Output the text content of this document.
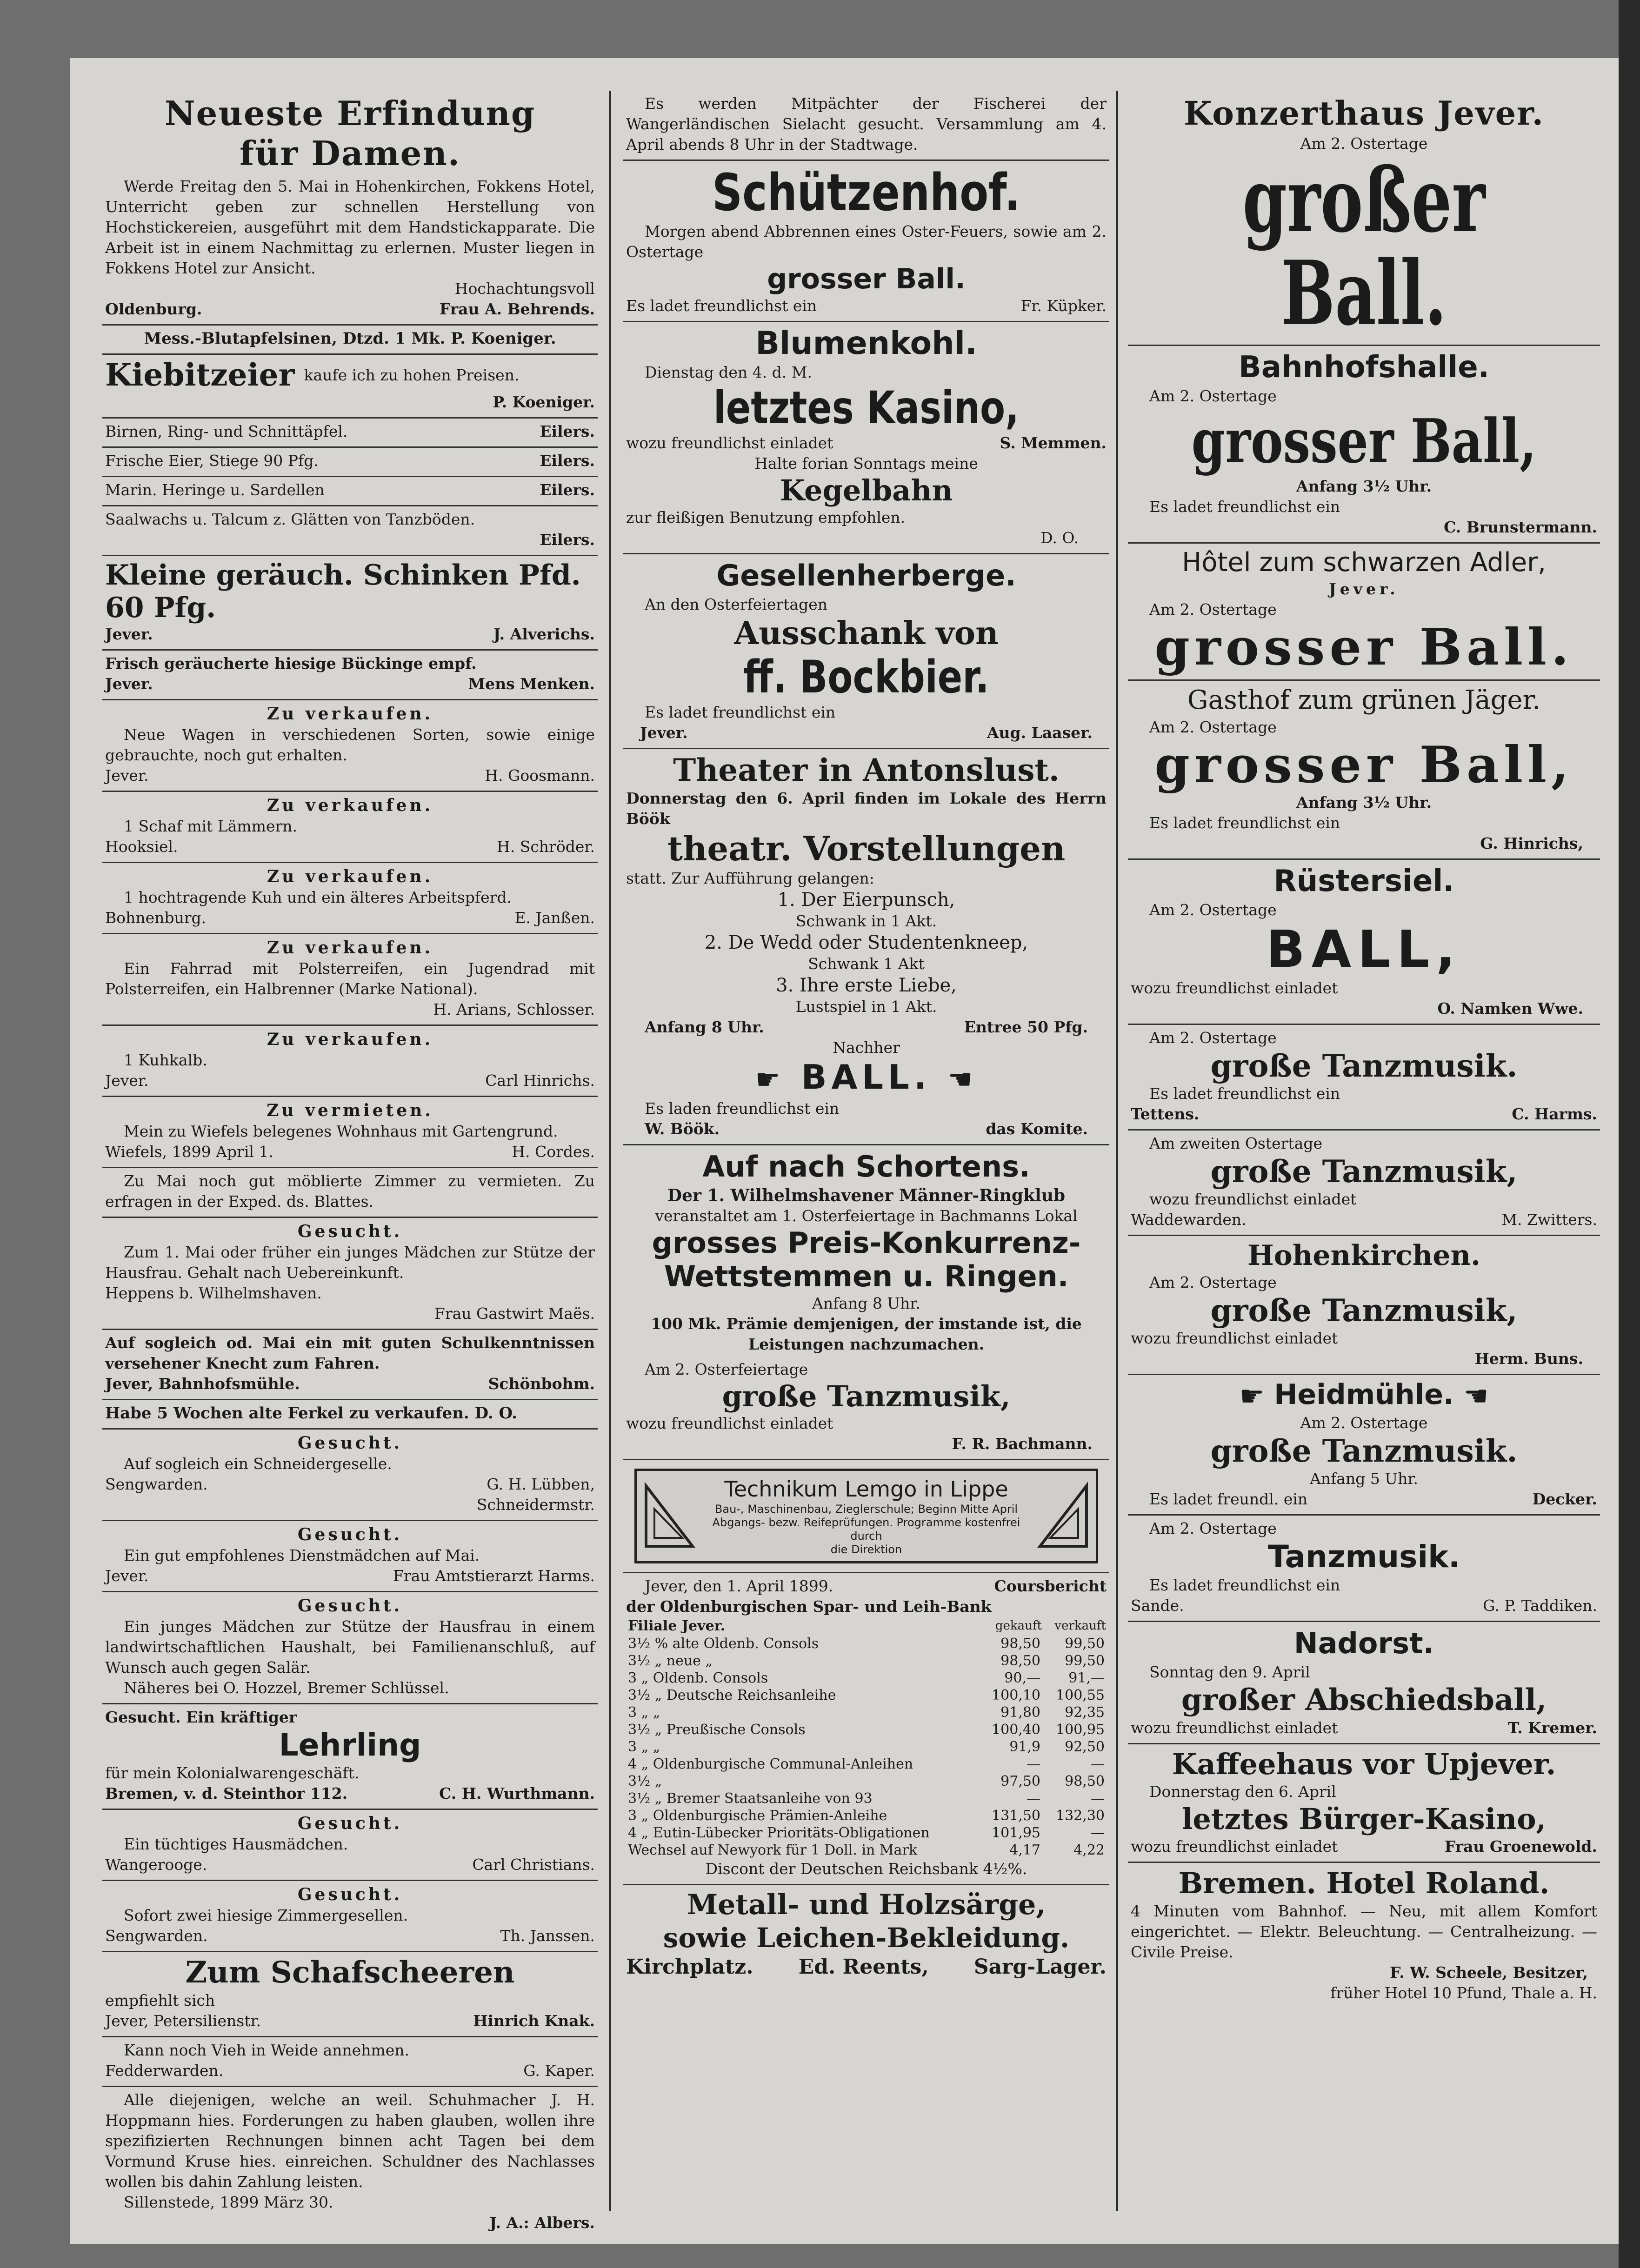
Neueste Erfindung
für Damen.

Werde Freitag den 5. Mai in Hohenkirchen, Fokkens Hotel, Unterricht geben zur schnellen Herstellung von Hochstickereien, ausgeführt mit dem Handstickapparate. Die Arbeit ist in einem Nachmittag zu erlernen. Muster liegen in Fokkens Hotel zur Ansicht.

Hochachtungsvoll

Oldenburg.	Frau A. Behrends.

Mess.-Blutapfelsinen, Dtzd. 1 Mk. P. Koeniger.

Kiebitzeier kaufe ich zu hohen Preisen.

P. Koeniger.

Birnen, Ring- und Schnittäpfel.	Eilers.
Frische Eier, Stiege 90 Pfg.	Eilers.
Marin. Heringe u. Sardellen	Eilers.

Saalwachs u. Talcum z. Glätten von Tanzböden.

Eilers.

Kleine geräuch. Schinken Pfd. 60 Pfg.
Jever.	J. Alverichs.

Frisch geräucherte hiesige Bückinge empf.

Jever.	Mens Menken.
Zu verkaufen.

Neue Wagen in verschiedenen Sorten, sowie einige gebrauchte, noch gut erhalten.

Jever.	H. Goosmann.
Zu verkaufen.

1 Schaf mit Lämmern.

Hooksiel.	H. Schröder.
Zu verkaufen.

1 hochtragende Kuh und ein älteres Arbeitspferd.

Bohnenburg.	E. Janßen.
Zu verkaufen.

Ein Fahrrad mit Polsterreifen, ein Jugendrad mit Polsterreifen, ein Halbrenner (Marke National).

H. Arians, Schlosser.

Zu verkaufen.

1 Kuhkalb.

Jever.	Carl Hinrichs.
Zu vermieten.

Mein zu Wiefels belegenes Wohnhaus mit Gartengrund.

Wiefels, 1899 April 1.	H. Cordes.

Zu Mai noch gut möblierte Zimmer zu vermieten. Zu erfragen in der Exped. ds. Blattes.

Gesucht.

Zum 1. Mai oder früher ein junges Mädchen zur Stütze der Hausfrau. Gehalt nach Uebereinkunft.

Heppens b. Wilhelmshaven.

Frau Gastwirt Maës.

Auf sogleich od. Mai ein mit guten Schulkenntnissen versehener Knecht zum Fahren.

Jever, Bahnhofsmühle.	Schönbohm.

Habe 5 Wochen alte Ferkel zu verkaufen. D. O.

Gesucht.

Auf sogleich ein Schneidergeselle.

Sengwarden.	G. H. Lübben,

Schneidermstr.

Gesucht.

Ein gut empfohlenes Dienstmädchen auf Mai.

Jever.	Frau Amtstierarzt Harms.
Gesucht.

Ein junges Mädchen zur Stütze der Hausfrau in einem landwirtschaftlichen Haushalt, bei Familienanschluß, auf Wunsch auch gegen Salär.

Näheres bei O. Hozzel, Bremer Schlüssel.

Gesucht. Ein kräftiger

Lehrling

für mein Kolonialwarengeschäft.

Bremen, v. d. Steinthor 112.	C. H. Wurthmann.
Gesucht.

Ein tüchtiges Hausmädchen.

Wangerooge.	Carl Christians.
Gesucht.

Sofort zwei hiesige Zimmergesellen.

Sengwarden.	Th. Janssen.
Zum Schafscheeren

empfiehlt sich

Jever, Petersilienstr.	Hinrich Knak.

Kann noch Vieh in Weide annehmen.

Fedderwarden.	G. Kaper.

Alle diejenigen, welche an weil. Schuhmacher J. H. Hoppmann hies. Forderungen zu haben glauben, wollen ihre spezifizierten Rechnungen binnen acht Tagen bei dem Vormund Kruse hies. einreichen. Schuldner des Nachlasses wollen bis dahin Zahlung leisten.

Sillenstede, 1899 März 30.

J. A.: Albers.

Es werden Mitpächter der Fischerei der Wangerländischen Sielacht gesucht. Versammlung am 4. April abends 8 Uhr in der Stadtwage.

Schützenhof.

Morgen abend Abbrennen eines Oster-Feuers, sowie am 2. Ostertage

grosser Ball.
Es ladet freundlichst ein	Fr. Küpker.
Blumenkohl.

Dienstag den 4. d. M.

letztes Kasino,
wozu freundlichst einladet	S. Memmen.

Halte forian Sonntags meine

Kegelbahn

zur fleißigen Benutzung empfohlen.

D. O.

Gesellenherberge.

An den Osterfeiertagen

Ausschank von
ff. Bockbier.

Es ladet freundlichst ein

Jever.	Aug. Laaser.
Theater in Antonslust.

Donnerstag den 6. April finden im Lokale des Herrn Böök

theatr. Vorstellungen

statt. Zur Aufführung gelangen:

1. Der Eierpunsch,

Schwank in 1 Akt.

2. De Wedd oder Studentenkneep,

Schwank 1 Akt

3. Ihre erste Liebe,

Lustspiel in 1 Akt.

Anfang 8 Uhr.	Entree 50 Pfg.

Nachher

☛ BALL. ☚

Es laden freundlichst ein

W. Böök.	das Komite.
Auf nach Schortens.

Der 1. Wilhelmshavener Männer-Ringklub

veranstaltet am 1. Osterfeiertage in Bachmanns Lokal

grosses Preis-Konkurrenz-
Wettstemmen u. Ringen.

Anfang 8 Uhr.

100 Mk. Prämie demjenigen, der imstande ist, die Leistungen nachzumachen.

Am 2. Osterfeiertage

große Tanzmusik,

wozu freundlichst einladet

F. R. Bachmann.

Technikum Lemgo in Lippe
Bau-, Maschinenbau, Zieglerschule; Beginn Mitte April Abgangs- bezw. Reifeprüfungen. Programme kostenfrei durch
die Direktion
Jever, den 1. April 1899.	Coursbericht

der Oldenburgischen Spar- und Leih-Bank

Filiale Jever.	gekauft	verkauft
3½ % alte Oldenb. Consols	98,50	99,50
3½ „ neue „	98,50	99,50
3 „ Oldenb. Consols	90,—	91,—
3½ „ Deutsche Reichsanleihe	100,10	100,55
3 „ „	91,80	92,35
3½ „ Preußische Consols	100,40	100,95
3 „ „	91,9	92,50
4 „ Oldenburgische Communal-Anleihen	—	—
3½ „	97,50	98,50
3½ „ Bremer Staatsanleihe von 93	—	—
3 „ Oldenburgische Prämien-Anleihe	131,50	132,30
4 „ Eutin-Lübecker Prioritäts-Obligationen	101,95	—
Wechsel auf Newyork für 1 Doll. in Mark	4,17	4,22

Discont der Deutschen Reichsbank 4½%.

Metall- und Holzsärge,
sowie Leichen-Bekleidung.
Kirchplatz. Ed. Reents, Sarg-Lager.
Konzerthaus Jever.

Am 2. Ostertage

großer Ball.
Bahnhofshalle.

Am 2. Ostertage

grosser Ball,

Anfang 3½ Uhr.

Es ladet freundlichst ein

C. Brunstermann.

Hôtel zum schwarzen Adler,

Jever.

Am 2. Ostertage

grosser Ball.
Gasthof zum grünen Jäger.

Am 2. Ostertage

grosser Ball,

Anfang 3½ Uhr.

Es ladet freundlichst ein

G. Hinrichs,

Rüstersiel.

Am 2. Ostertage

BALL,

wozu freundlichst einladet

O. Namken Wwe.

Am 2. Ostertage

große Tanzmusik.

Es ladet freundlichst ein

Tettens.	C. Harms.

Am zweiten Ostertage

große Tanzmusik,

wozu freundlichst einladet

Waddewarden.	M. Zwitters.
Hohenkirchen.

Am 2. Ostertage

große Tanzmusik,

wozu freundlichst einladet

Herm. Buns.

☛ Heidmühle. ☚

Am 2. Ostertage

große Tanzmusik.

Anfang 5 Uhr.

Es ladet freundl. ein	Decker.

Am 2. Ostertage

Tanzmusik.

Es ladet freundlichst ein

Sande.	G. P. Taddiken.
Nadorst.

Sonntag den 9. April

großer Abschiedsball,
wozu freundlichst einladet	T. Kremer.
Kaffeehaus vor Upjever.

Donnerstag den 6. April

letztes Bürger-Kasino,
wozu freundlichst einladet	Frau Groenewold.
Bremen. Hotel Roland.

4 Minuten vom Bahnhof. — Neu, mit allem Komfort eingerichtet. — Elektr. Beleuchtung. — Centralheizung. — Civile Preise.

F. W. Scheele, Besitzer,

früher Hotel 10 Pfund, Thale a. H.
